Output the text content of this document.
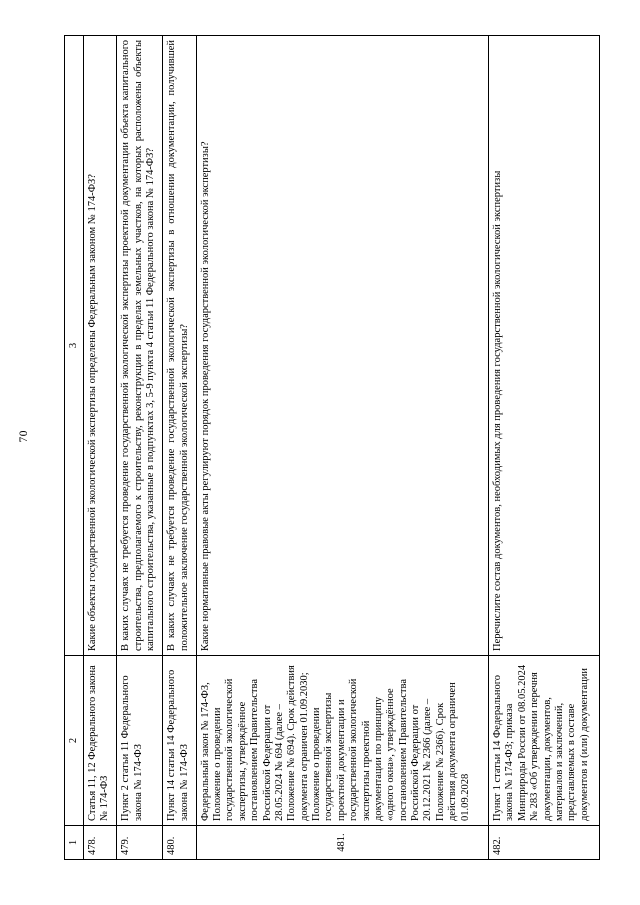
70
1	2	3
478.	Статья 11, 12 Федерального закона № 174-ФЗ	Какие объекты государственной экологической экспертизы определены Федеральным законом № 174-ФЗ?
479.	Пункт 2 статьи 11 Федерального закона № 174-ФЗ	В каких случаях не требуется проведение государственной экологической экспертизы проектной документации объекта капитального строительства, предполагаемого к строительству, реконструкции в пределах земельных участков, на которых расположены объекты капитального строительства, указанные в подпунктах 3, 5-9 пункта 4 статьи 11 Федерального закона № 174-ФЗ?
480.	Пункт 14 статьи 14 Федерального закона № 174-ФЗ	В каких случаях не требуется проведение государственной экологической экспертизы в отношении документации, получившей положительное заключение государственной экологической экспертизы?
481.	Федеральный закон № 174-ФЗ, Положение о проведении государственной экологической экспертизы, утверждённое постановлением Правительства Российской Федерации от 28.05.2024 № 694 (далее – Положение № 694). Срок действия документа ограничен 01.09.2030; Положение о проведении государственной экспертизы проектной документации и государственной экологической экспертизы проектной документации по принципу «одного окна», утверждённое постановлением Правительства Российской Федерации от 20.12.2021 № 2366 (далее – Положение № 2366). Срок действия документа ограничен 01.09.2028	Какие нормативные правовые акты регулируют порядок проведения государственной экологической экспертизы?
482.	Пункт 1 статьи 14 Федерального закона № 174-ФЗ; приказа Минприроды России от 08.05.2024 № 283 «Об утверждении перечня документации, документов, материалов и заключений, представляемых в составе документов и (или) документации	Перечислите состав документов, необходимых для проведения государственной экологической экспертизы
